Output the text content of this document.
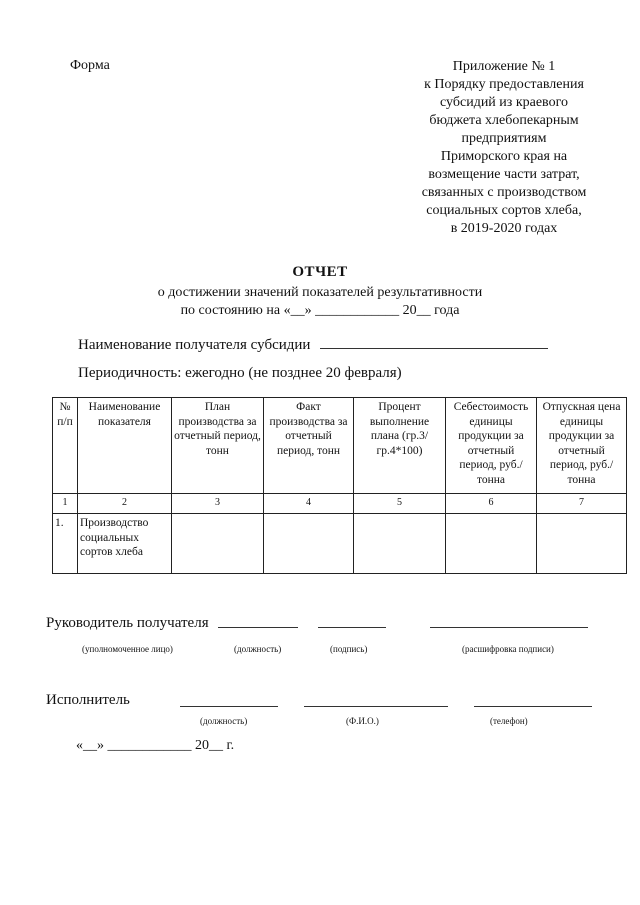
Форма	Приложение № 1
к Порядку предоставления
субсидий из краевого
бюджета хлебопекарным
предприятиям
Приморского края на
возмещение части затрат,
связанных с производством
социальных сортов хлеба,
в 2019-2020 годах
ОТЧЕТ
о достижении значений показателей результативности
по состоянию на «__» ____________ 20__ года
Наименование получателя субсидии
Периодичность: ежегодно (не позднее 20 февраля)
№ п/п	Наименование показателя	План производства за отчетный период, тонн	Факт производства за отчетный период, тонн	Процент выполнение плана (гр.3/гр.4*100)	Себестоимость единицы продукции за отчетный период, руб./тонна	Отпускная цена единицы продукции за отчетный период, руб./тонна
1	2	3	4	5	6	7
1.	Производство социальных сортов хлеба					
Руководитель получателя
(уполномоченное лицо)	(должность)	(подпись)	(расшифровка подписи)
Исполнитель
(должность)	(Ф.И.О.)	(телефон)
«__» ____________ 20__ г.
